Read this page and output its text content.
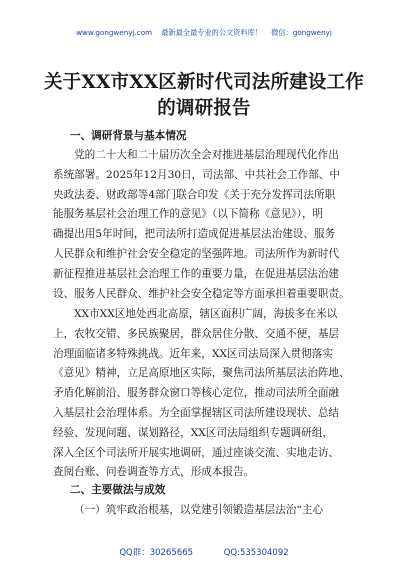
www.gongwenyj.com 最新最全最专业的公文资料库！ 微信：gongwenyj
关于XX市XX区新时代司法所建设工作
的调研报告
一、调研背景与基本情况
党的二十大和二十届历次全会对推进基层治理现代化作出
系统部署。2025年12月30日，司法部、中共社会工作部、中
央政法委、财政部等4部门联合印发《关于充分发挥司法所职
能服务基层社会治理工作的意见》（以下简称《意见》），明
确提出用5年时间，把司法所打造成促进基层法治建设、服务
人民群众和维护社会安全稳定的坚强阵地。司法所作为新时代
新征程推进基层社会治理工作的重要力量，在促进基层法治建
设、服务人民群众、维护社会安全稳定等方面承担着重要职责。
XX市XX区地处西北高原，辖区面积广阔，海拔多在米以
上，农牧交错、多民族聚居，群众居住分散、交通不便，基层
治理面临诸多特殊挑战。近年来，XX区司法局深入贯彻落实
《意见》精神，立足高原地区实际，聚焦司法所基层法治阵地、
矛盾化解前沿、服务群众窗口等核心定位，推动司法所全面融
入基层社会治理体系。为全面掌握辖区司法所建设现状、总结
经验、发现问题、谋划路径，XX区司法局组织专题调研组，
深入全区个司法所开展实地调研，通过座谈交流、实地走访、
查阅台账、问卷调查等方式，形成本报告。
二、主要做法与成效
（一）筑牢政治根基，以党建引领锻造基层法治“主心
QQ群：30265665	QQ:535304092
